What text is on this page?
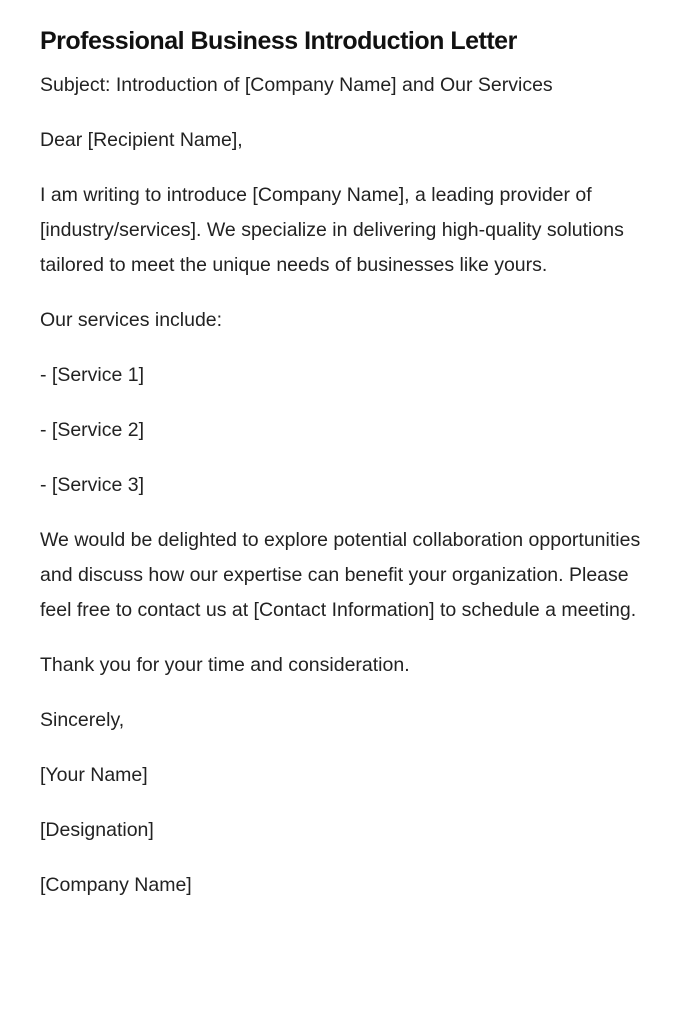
Professional Business Introduction Letter

Subject: Introduction of [Company Name] and Our Services

Dear [Recipient Name],

I am writing to introduce [Company Name], a leading provider of [industry/services]. We specialize in delivering high-quality solutions tailored to meet the unique needs of businesses like yours.

Our services include:

- [Service 1]

- [Service 2]

- [Service 3]

We would be delighted to explore potential collaboration opportunities and discuss how our expertise can benefit your organization. Please feel free to contact us at [Contact Information] to schedule a meeting.

Thank you for your time and consideration.

Sincerely,

[Your Name]

[Designation]

[Company Name]
